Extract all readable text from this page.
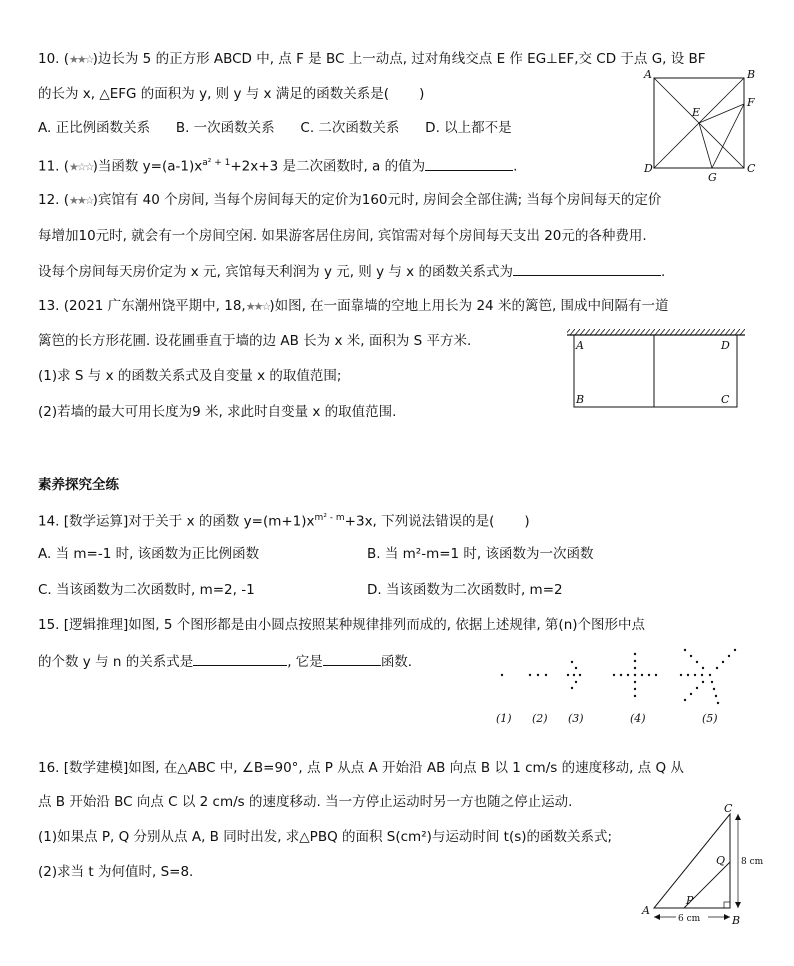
10. (★★☆)边长为 5 的正方形 ABCD 中, 点 F 是 BC 上一动点, 过对角线交点 E 作 EG⊥EF,交 CD 于点 G, 设 BF
的长为 x, △EFG 的面积为 y, 则 y 与 x 满足的函数关系是( )
A. 正比例函数关系      B. 一次函数关系      C. 二次函数关系      D. 以上都不是
A	B
C
D
E
F
G
11. (★☆☆)当函数 $y=(a-1)x^{a^2 + 1}+2x+3$ 是二次函数时, a 的值为	.
12. (★★☆)宾馆有 40 个房间, 当每个房间每天的定价为160元时, 房间会全部住满; 当每个房间每天的定价
每增加10元时, 就会有一个房间空闲. 如果游客居住房间, 宾馆需对每个房间每天支出 20元的各种费用.
设每个房间每天房价定为 x 元, 宾馆每天利润为 y 元, 则 y 与 x 的函数关系式为	.
13. (2021 广东潮州饶平期中, 18,★★☆)如图, 在一面靠墙的空地上用长为 24 米的篱笆, 围成中间隔有一道
篱笆的长方形花圃. 设花圃垂直于墙的边 AB 长为 x 米, 面积为 S 平方米.
(1)求 S 与 x 的函数关系式及自变量 x 的取值范围;
(2)若墙的最大可用长度为9 米, 求此时自变量 x 的取值范围.
A	D
B	C
素养探究全练
14. [数学运算]对于关于 x 的函数 $y=(m+1)x^{m^2 - m}+3x$, 下列说法错误的是( )
A. 当 m=-1 时, 该函数为正比例函数	B. 当 m²-m=1 时, 该函数为一次函数
C. 当该函数为二次函数时, m=2, -1	D. 当该函数为二次函数时, m=2
15. [逻辑推理]如图, 5 个图形都是由小圆点按照某种规律排列而成的, 依据上述规律, 第(n)个图形中点
的个数 y 与 n 的关系式是	, 它是	函数.
(1) (2) (3)	(4)	(5)
16. [数学建模]如图, 在△ABC 中, ∠B=90°, 点 P 从点 A 开始沿 AB 向点 B 以 1 cm/s 的速度移动, 点 Q 从
点 B 开始沿 BC 向点 C 以 2 cm/s 的速度移动. 当一方停止运动时另一方也随之停止运动.
(1)如果点 P, Q 分别从点 A, B 同时出发, 求△PBQ 的面积 S(cm²)与运动时间 t(s)的函数关系式;
(2)求当 t 为何值时, S=8.
C
Q
P
A
B
8 cm
6 cm
